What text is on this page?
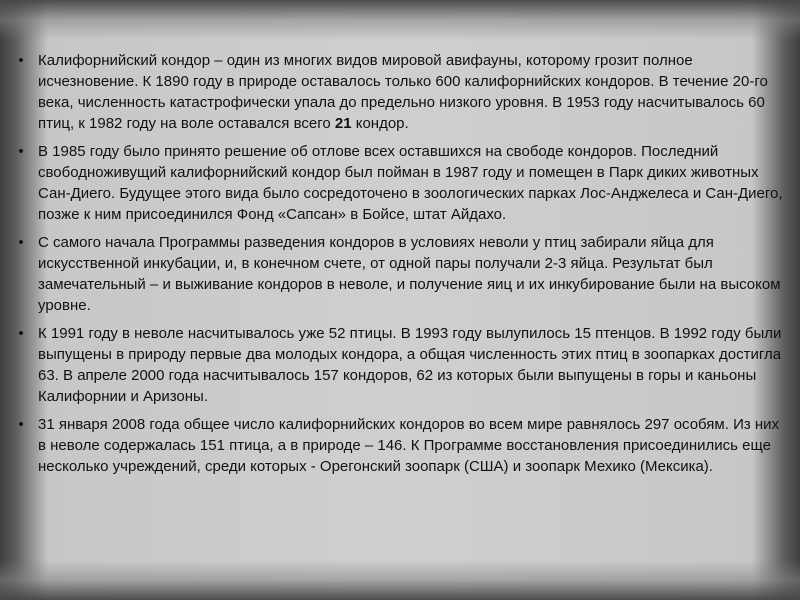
• Калифорнийский кондор – один из многих видов мировой авифауны, которому грозит полное исчезновение. К 1890 году в природе оставалось только 600 калифорнийских кондоров. В течение 20-го века, численность катастрофически упала до предельно низкого уровня. В 1953 году насчитывалось 60 птиц, к 1982 году на воле оставался всего 21 кондор.
• В 1985 году было принято решение об отлове всех оставшихся на свободе кондоров. Последний свободноживущий калифорнийский кондор был пойман в 1987 году и помещен в Парк диких животных Сан-Диего. Будущее этого вида было сосредоточено в зоологических парках Лос-Анджелеса и Сан-Диего, позже к ним присоединился Фонд «Сапсан» в Бойсе, штат Айдахо.
• С самого начала Программы разведения кондоров в условиях неволи у птиц забирали яйца для искусственной инкубации, и, в конечном счете, от одной пары получали 2-3 яйца. Результат был замечательный – и выживание кондоров в неволе, и получение яиц и их инкубирование были на высоком уровне.
• К 1991 году в неволе насчитывалось уже 52 птицы. В 1993 году вылупилось 15 птенцов. В 1992 году были выпущены в природу первые два молодых кондора, а общая численность этих птиц в зоопарках достигла 63. В апреле 2000 года насчитывалось 157 кондоров, 62 из которых были выпущены в горы и каньоны Калифорнии и Аризоны.
• 31 января 2008 года общее число калифорнийских кондоров во всем мире равнялось 297 особям. Из них в неволе содержалась 151 птица, а в природе – 146. К Программе восстановления присоединились еще несколько учреждений, среди которых - Орегонский зоопарк (США) и зоопарк Мехико (Мексика).
